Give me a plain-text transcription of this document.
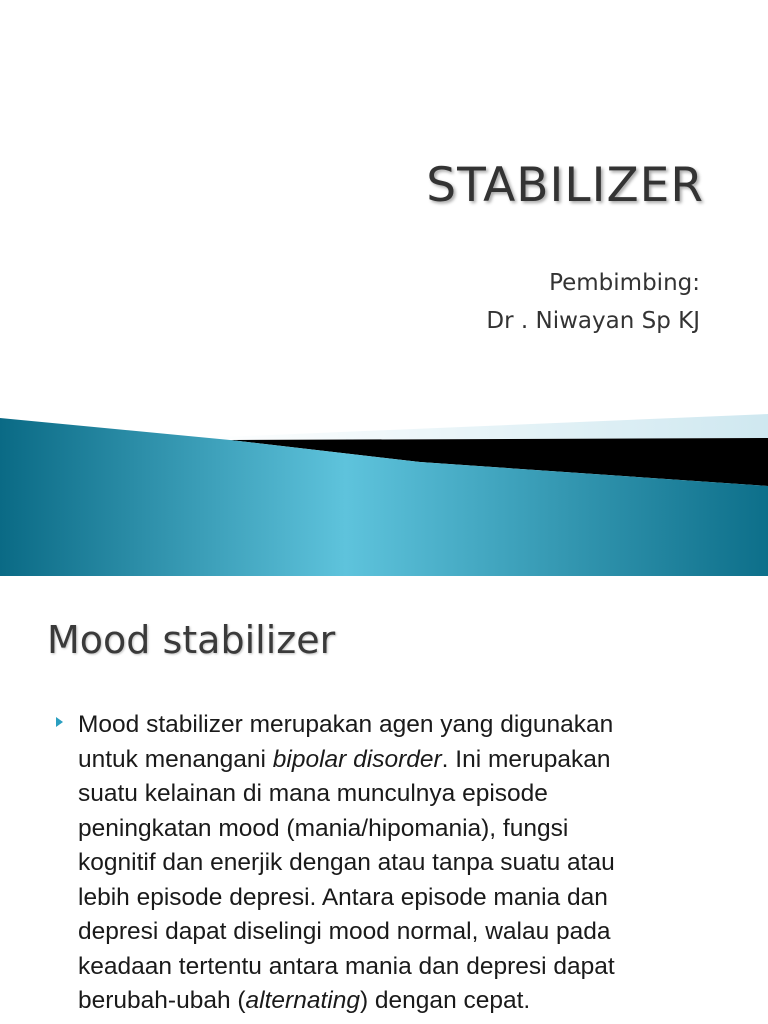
STABILIZER
Pembimbing:
Dr . Niwayan Sp KJ
Mood stabilizer
Mood stabilizer merupakan agen yang digunakan
untuk menangani bipolar disorder. Ini merupakan
suatu kelainan di mana munculnya episode
peningkatan mood (mania/hipomania), fungsi
kognitif dan enerjik dengan atau tanpa suatu atau
lebih episode depresi. Antara episode mania dan
depresi dapat diselingi mood normal, walau pada
keadaan tertentu antara mania dan depresi dapat
berubah-ubah (alternating) dengan cepat.
